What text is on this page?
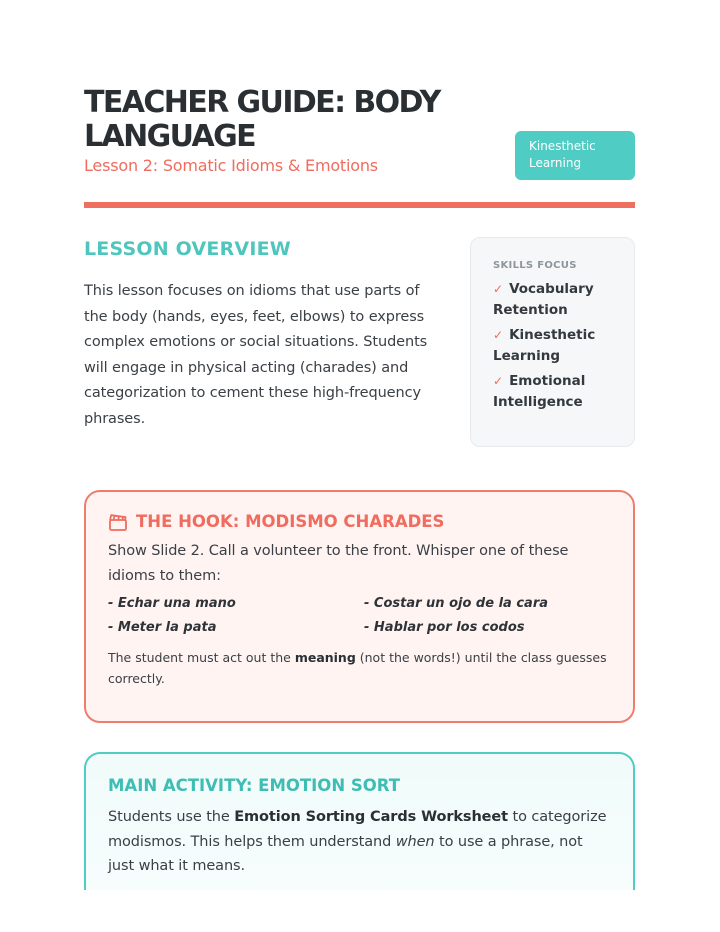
TEACHER GUIDE: BODY LANGUAGE
Lesson 2: Somatic Idioms & Emotions
Kinesthetic Learning
LESSON OVERVIEW

This lesson focuses on idioms that use parts of the body (hands, eyes, feet, elbows) to express complex emotions or social situations. Students will engage in physical acting (charades) and categorization to cement these high-frequency phrases.

SKILLS FOCUS
✓ Vocabulary Retention
✓ Kinesthetic Learning
✓ Emotional Intelligence
THE HOOK: MODISMO CHARADES

Show Slide 2. Call a volunteer to the front. Whisper one of these idioms to them:

- Echar una mano	- Costar un ojo de la cara
- Meter la pata	- Hablar por los codos

The student must act out the meaning (not the words!) until the class guesses correctly.

MAIN ACTIVITY: EMOTION SORT

Students use the Emotion Sorting Cards Worksheet to categorize modismos. This helps them understand when to use a phrase, not just what it means.
